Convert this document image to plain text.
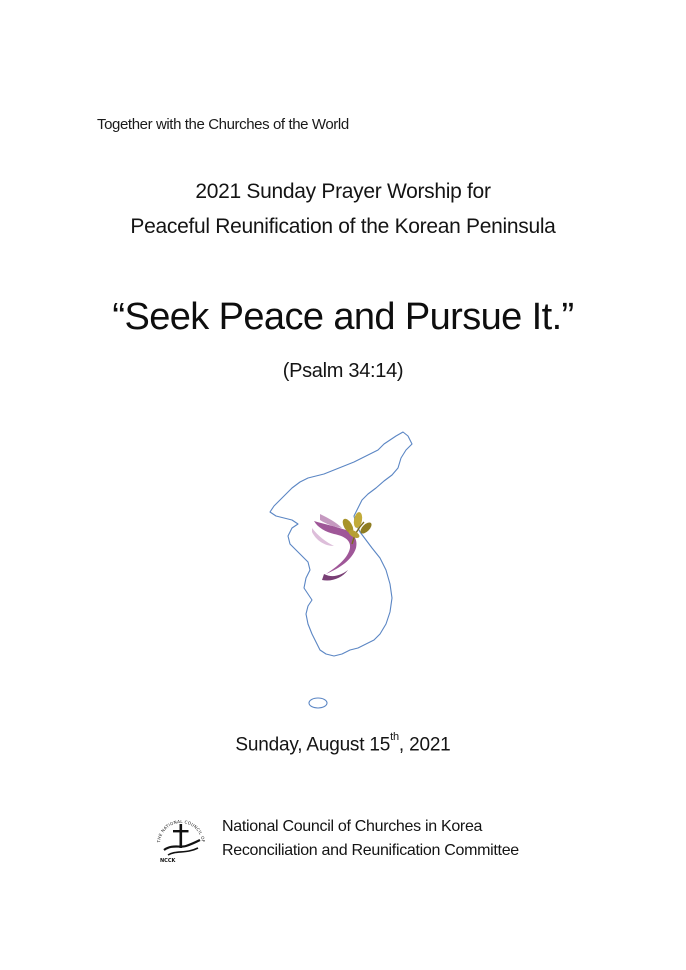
Together with the Churches of the World
2021 Sunday Prayer Worship for
Peaceful Reunification of the Korean Peninsula
“Seek Peace and Pursue It.”
(Psalm 34:14)
Sunday, August 15th, 2021
THE NATIONAL COUNCIL OF
NCCK
National Council of Churches in Korea
Reconciliation and Reunification Committee
